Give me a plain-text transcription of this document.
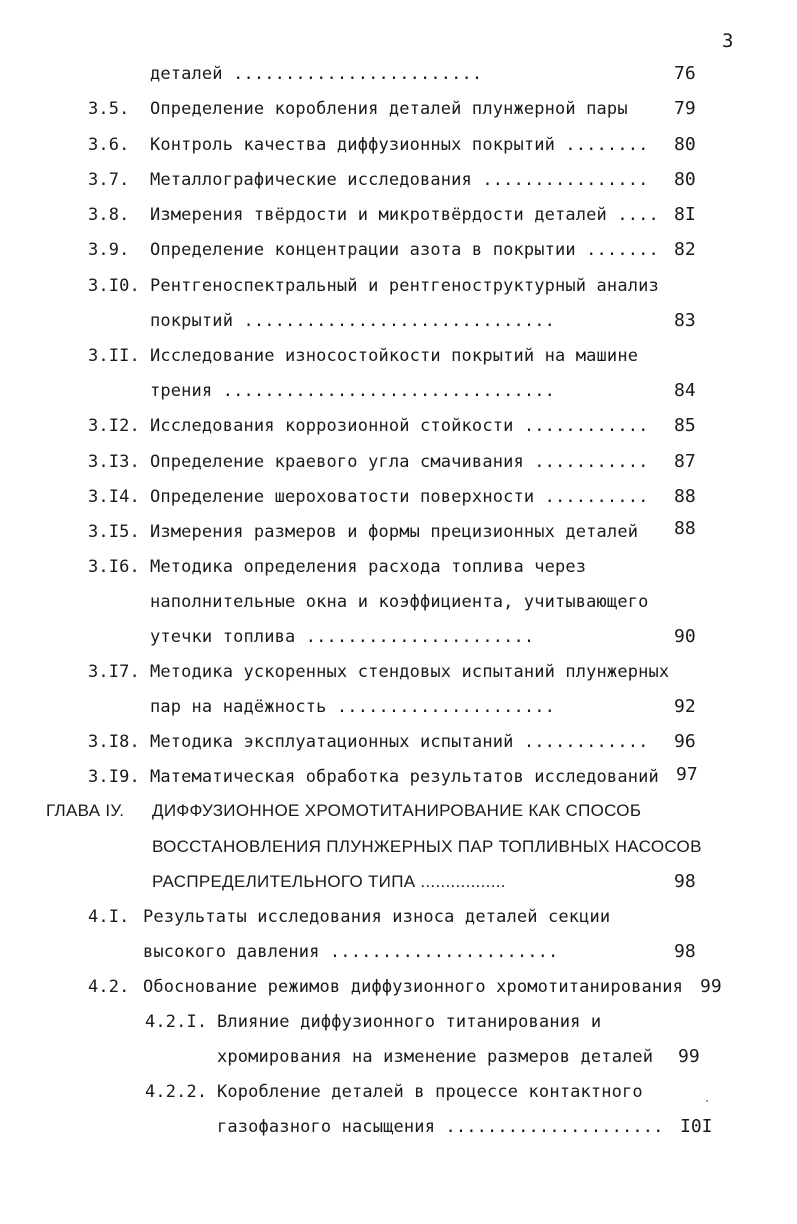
3
деталей ........................	76
3.5. Определение коробления деталей плунжерной пары	79
3.6. Контроль качества диффузионных покрытий ........ 80
3.7. Металлографические исследования ................ 80
3.8. Измерения твёрдости и микротвёрдости деталей .... 8I
3.9. Определение концентрации азота в покрытии ....... 82
3.I0. Рентгеноспектральный и рентгеноструктурный анализ
покрытий ..............................	83
3.II. Исследование износостойкости покрытий на машине
трения ................................	84
3.I2. Исследования коррозионной стойкости ............ 85
3.I3. Определение краевого угла смачивания ........... 87
3.I4. Определение шероховатости поверхности .......... 88
3.I5. Измерения размеров и формы прецизионных деталей 88
3.I6. Методика определения расхода топлива через
наполнительные окна и коэффициента, учитывающего
утечки топлива ......................	90
3.I7. Методика ускоренных стендовых испытаний плунжерных
пар на надёжность .....................	92
3.I8. Методика эксплуатационных испытаний ............ 96
3.I9. Математическая обработка результатов исследований 97
ГЛАВА IУ. ДИФФУЗИОННОЕ ХРОМОТИТАНИРОВАНИЕ КАК СПОСОБ
ВОССТАНОВЛЕНИЯ ПЛУНЖЕРНЫХ ПАР ТОПЛИВНЫХ НАСОСОВ
РАСПРЕДЕЛИТЕЛЬНОГО ТИПА .................	98
4.I. Результаты исследования износа деталей секции
высокого давления ......................	98
4.2. Обоснование режимов диффузионного хромотитанирования 99
4.2.I. Влияние диффузионного титанирования и
хромирования на изменение размеров деталей 99
4.2.2. Коробление деталей в процессе контактного
газофазного насыщения ..................... I0I
